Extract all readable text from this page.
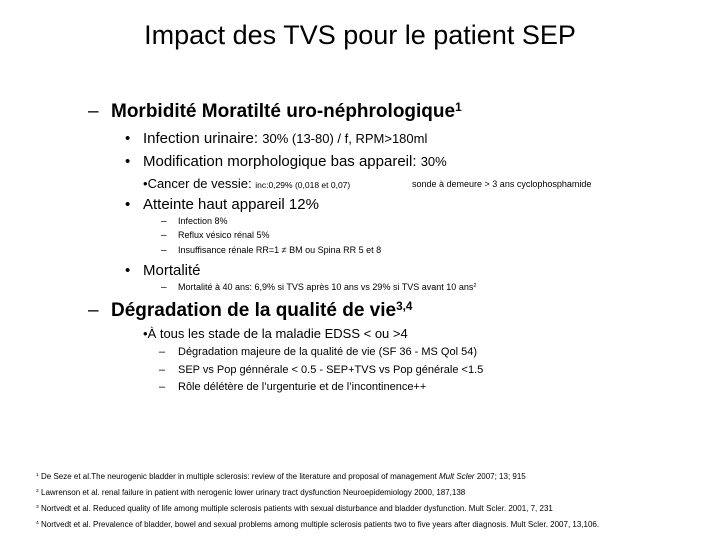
Impact des TVS pour le patient SEP
– Morbidité Moratilté uro-néphrologique$^1$
• Infection urinaire: 30% (13-80) / f, RPM>180ml
• Modification morphologique bas appareil: 30%
•Cancer de vessie: inc:0,29% (0,018 et 0,07)	sonde à demeure > 3 ans cyclophosphamide
• Atteinte haut appareil 12%
– Infection 8%
– Reflux vésico rénal 5%
– Insuffisance rénale RR=1 ≠ BM ou Spina RR 5 et 8
• Mortalité
– Mortalité à 40 ans: 6,9% si TVS après 10 ans vs 29% si TVS avant 10 ans$^2$
– Dégradation de la qualité de vie$^{3,4}$
•À tous les stade de la maladie EDSS < ou >4
– Dégradation majeure de la qualité de vie (SF 36 - MS Qol 54)
– SEP vs Pop génnérale < 0.5 - SEP+TVS vs Pop générale <1.5
– Rôle délétère de l’urgenturie et de l’incontinence++
$^1$ De Seze et al.The neurogenic bladder in multiple sclerosis: review of the literature and proposal of management Mult Scler 2007; 13; 915
$^2$ Lawrenson et al. renal failure in patient with nerogenic lower urinary tract dysfunction Neuroepidemiology 2000, 187,138
$^3$ Nortvedt et al. Reduced quality of life among multiple sclerosis patients with sexual disturbance and bladder dysfunction. Mult Scler. 2001, 7, 231
$^4$ Nortvedt et al. Prevalence of bladder, bowel and sexual problems among multiple sclerosis patients two to five years after diagnosis. Mult Scler. 2007, 13,106.
